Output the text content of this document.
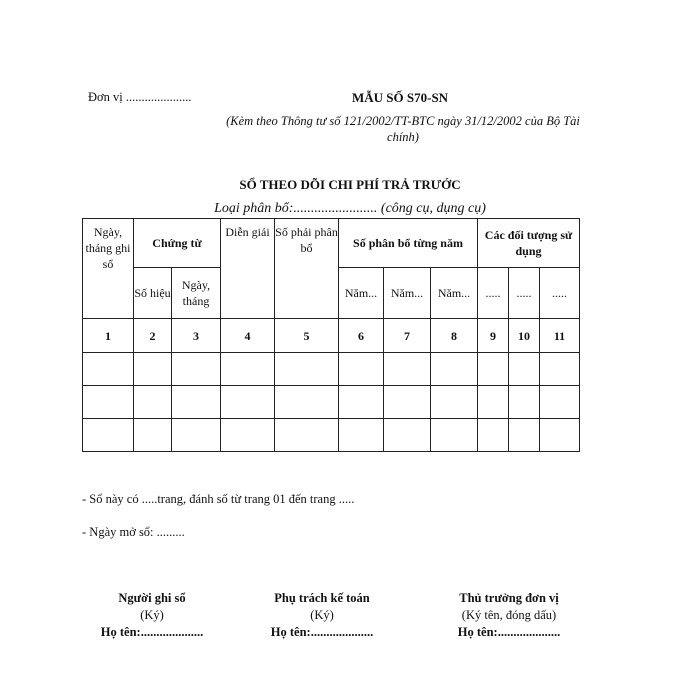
Đơn vị .....................	MẪU SỐ S70-SN
(Kèm theo Thông tư số 121/2002/TT-BTC ngày 31/12/2002 của Bộ Tài chính)
SỔ THEO DÕI CHI PHÍ TRẢ TRƯỚC
Loại phân bổ:........................ (công cụ, dụng cụ)
Ngày, tháng ghi sổ	Chứng từ		Diễn giải	Số phải phân bổ	Số phân bổ từng năm			Các đối tượng sử dụng		
	Số hiệu	Ngày, tháng			Năm...	Năm...	Năm...	.....	.....	.....
1	2	3	4	5	6	7	8	9	10	11

- Sổ này có .....trang, đánh số từ trang 01 đến trang .....
- Ngày mở sổ: .........
Người ghi sổ
(Ký)
Họ tên:....................
Phụ trách kế toán
(Ký)
Họ tên:....................
Thủ trưởng đơn vị
(Ký tên, đóng dấu)
Họ tên:....................
